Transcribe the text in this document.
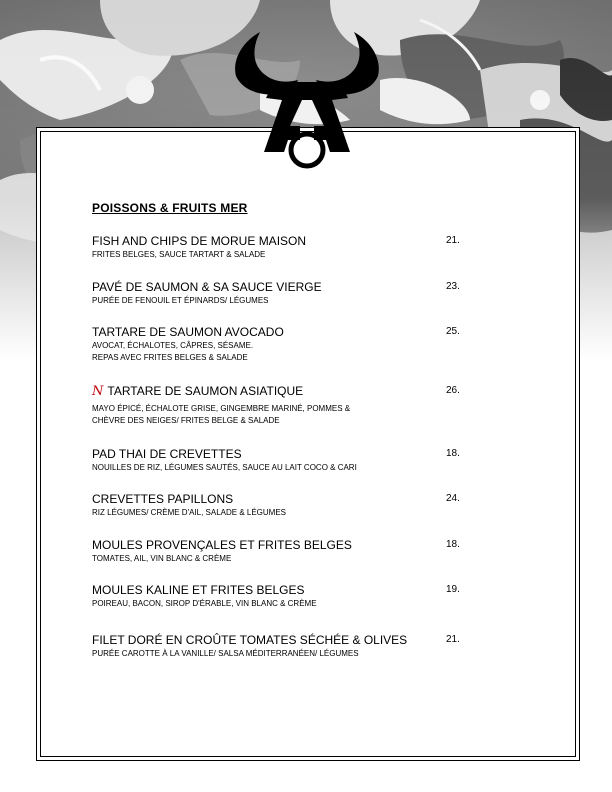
POISSONS & FRUITS MER
FISH AND CHIPS DE MORUE MAISON	21.
FRITES BELGES, SAUCE TARTART & SALADE
PAVÉ DE SAUMON & SA SAUCE VIERGE	23.
PURÉE DE FENOUIL ET ÉPINARDS/ LÉGUMES
TARTARE DE SAUMON AVOCADO	25.
AVOCAT, ÉCHALOTES, CÂPRES, SÉSAME.
REPAS AVEC FRITES BELGES & SALADE
N TARTARE DE SAUMON ASIATIQUE	26.
MAYO ÉPICÉ, ÉCHALOTE GRISE, GINGEMBRE MARINÉ, POMMES &
CHÈVRE DES NEIGES/ FRITES BELGE & SALADE
PAD THAI DE CREVETTES	18.
NOUILLES DE RIZ, LÉGUMES SAUTÉS, SAUCE AU LAIT COCO & CARI
CREVETTES PAPILLONS	24.
RIZ LÉGUMES/ CRÈME D'AIL, SALADE & LÉGUMES
MOULES PROVENÇALES ET FRITES BELGES	18.
TOMATES, AIL, VIN BLANC & CRÈME
MOULES KALINE ET FRITES BELGES	19.
POIREAU, BACON, SIROP D'ÉRABLE, VIN BLANC & CRÈME
FILET DORÉ EN CROÛTE TOMATES SÉCHÉE & OLIVES	21.
PURÉE CAROTTE À LA VANILLE/ SALSA MÉDITERRANÉEN/ LÉGUMES
